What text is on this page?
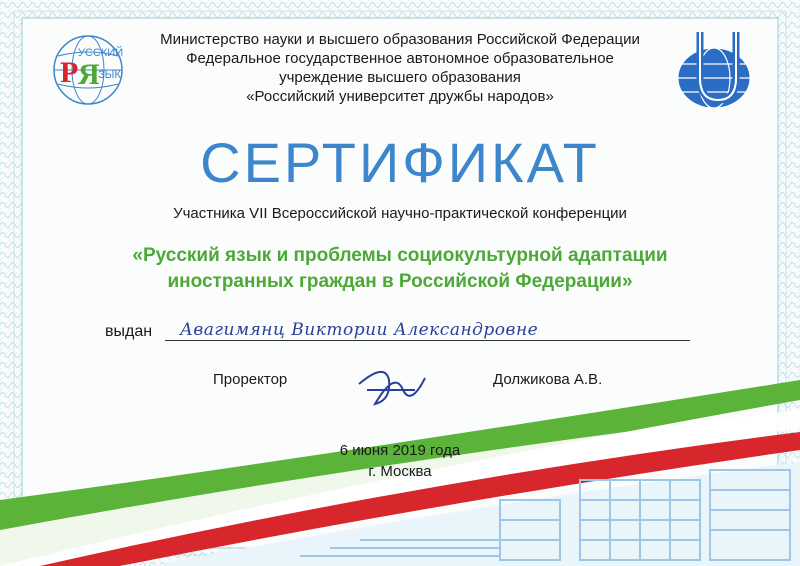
Р Я
УССКИЙ
ЗЫК
Министерство науки и высшего образования Российской Федерации
Федеральное государственное автономное образовательное
учреждение высшего образования
«Российский университет дружбы народов»
СЕРТИФИКАТ
Участника VII Всероссийской научно-практической конференции
«Русский язык и проблемы социокультурной адаптации
иностранных граждан в Российской Федерации»
выдан Авагимянц Виктории Александровне
Проректор	Должикова А.В.
6 июня 2019 года
г. Москва
